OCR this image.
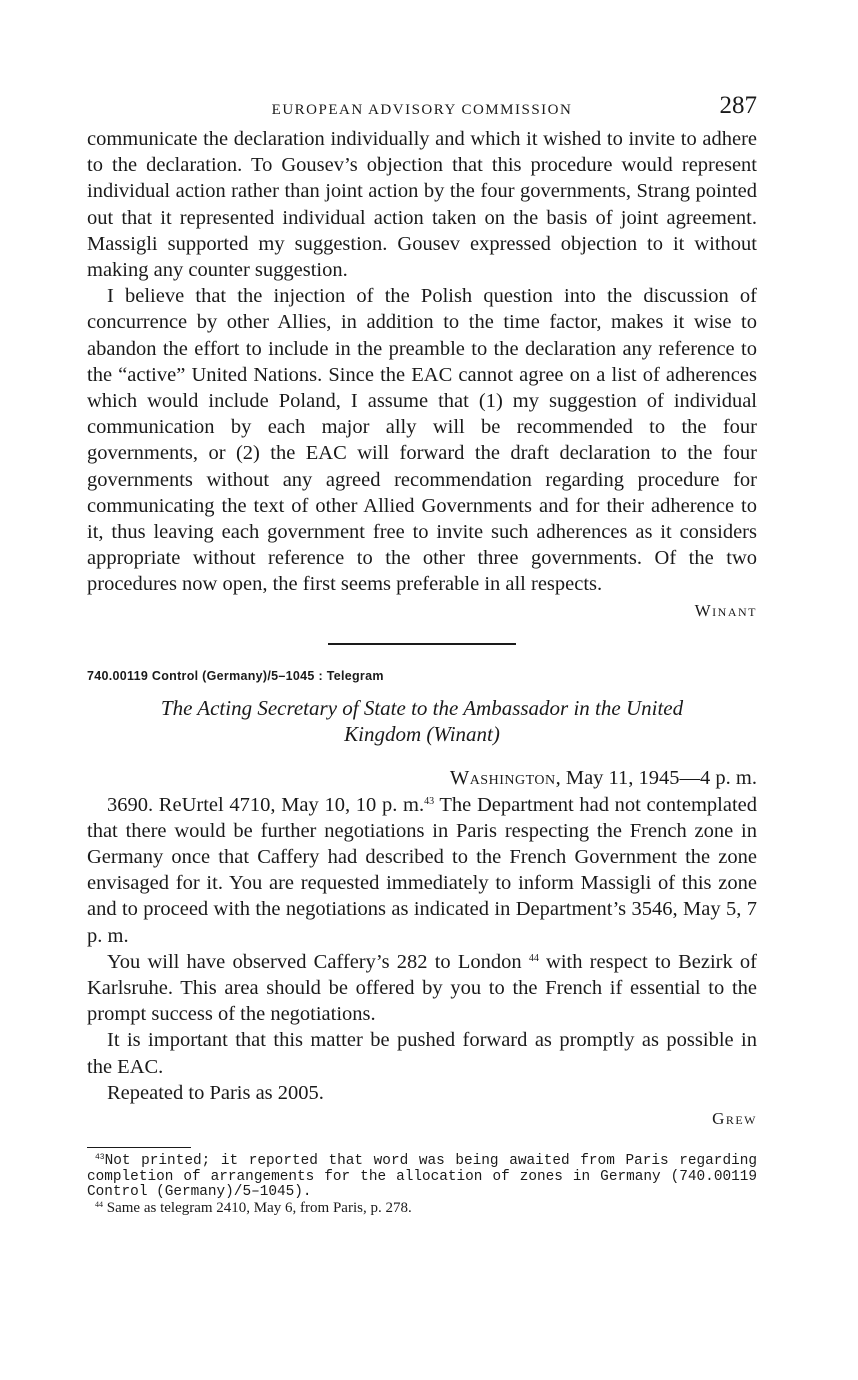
EUROPEAN ADVISORY COMMISSION	287

communicate the declaration individually and which it wished to invite to adhere to the declaration. To Gousev’s objection that this procedure would represent individual action rather than joint action by the four governments, Strang pointed out that it represented individual action taken on the basis of joint agreement. Massigli supported my suggestion. Gousev expressed objection to it without making any counter suggestion.

I believe that the injection of the Polish question into the discussion of concurrence by other Allies, in addition to the time factor, makes it wise to abandon the effort to include in the preamble to the declaration any reference to the “active” United Nations. Since the EAC cannot agree on a list of adherences which would include Poland, I assume that (1) my suggestion of individual communication by each major ally will be recommended to the four governments, or (2) the EAC will forward the draft declaration to the four governments without any agreed recommendation regarding procedure for communicating the text of other Allied Governments and for their adherence to it, thus leaving each government free to invite such adherences as it considers appropriate without reference to the other three governments. Of the two procedures now open, the first seems preferable in all respects.

Winant
740.00119 Control (Germany)/5–1045 : Telegram
The Acting Secretary of State to the Ambassador in the United
Kingdom (Winant)
Washington, May 11, 1945—4 p. m.

3690. ReUrtel 4710, May 10, 10 p. m.$^{43}$ The Department had not contemplated that there would be further negotiations in Paris respecting the French zone in Germany once that Caffery had described to the French Government the zone envisaged for it. You are requested immediately to inform Massigli of this zone and to proceed with the negotiations as indicated in Department’s 3546, May 5, 7 p. m.

You will have observed Caffery’s 282 to London $^{44}$ with respect to Bezirk of Karlsruhe. This area should be offered by you to the French if essential to the prompt success of the negotiations.

It is important that this matter be pushed forward as promptly as possible in the EAC.

Repeated to Paris as 2005.

Grew
$^{43}$Not printed; it reported that word was being awaited from Paris regarding completion of arrangements for the allocation of zones in Germany (740.00119 Control (Germany)/5–1045).
$^{44}$ Same as telegram 2410, May 6, from Paris, p. 278.
